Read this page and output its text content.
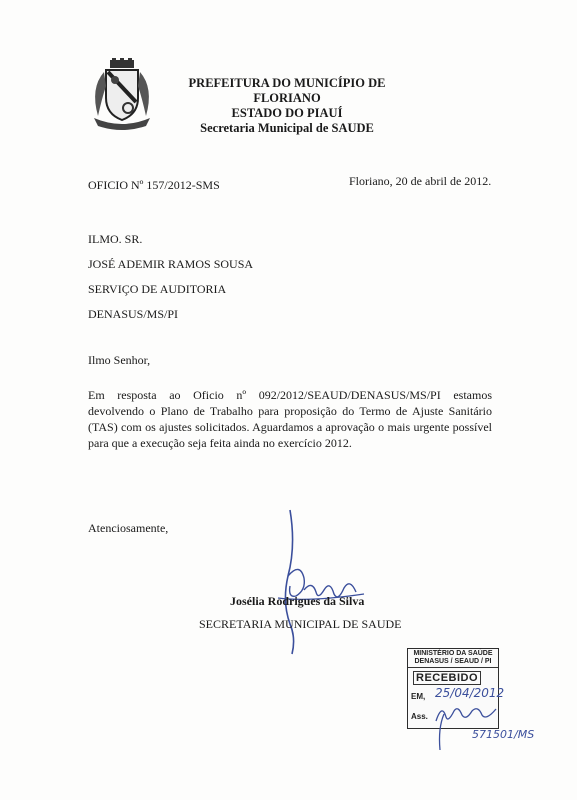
PREFEITURA DO MUNICÍPIO DE FLORIANO
ESTADO DO PIAUÍ
Secretaria Municipal de SAUDE
OFICIO Nº 157/2012-SMS	Floriano, 20 de abril de 2012.
ILMO. SR.
JOSÉ ADEMIR RAMOS SOUSA
SERVIÇO DE AUDITORIA
DENASUS/MS/PI
Ilmo Senhor,
Em resposta ao Oficio nº 092/2012/SEAUD/DENASUS/MS/PI estamos devolvendo o Plano de Trabalho para proposição do Termo de Ajuste Sanitário (TAS) com os ajustes solicitados. Aguardamos a aprovação o mais urgente possível para que a execução seja feita ainda no exercício 2012.
Atenciosamente,
Josélia Rodrigues da Silva
SECRETARIA MUNICIPAL DE SAUDE
MINISTÉRIO DA SAÚDE
DENASUS / SEAUD / PI
RECEBIDO
EM, 25/04/2012
Ass.
571501/MS
